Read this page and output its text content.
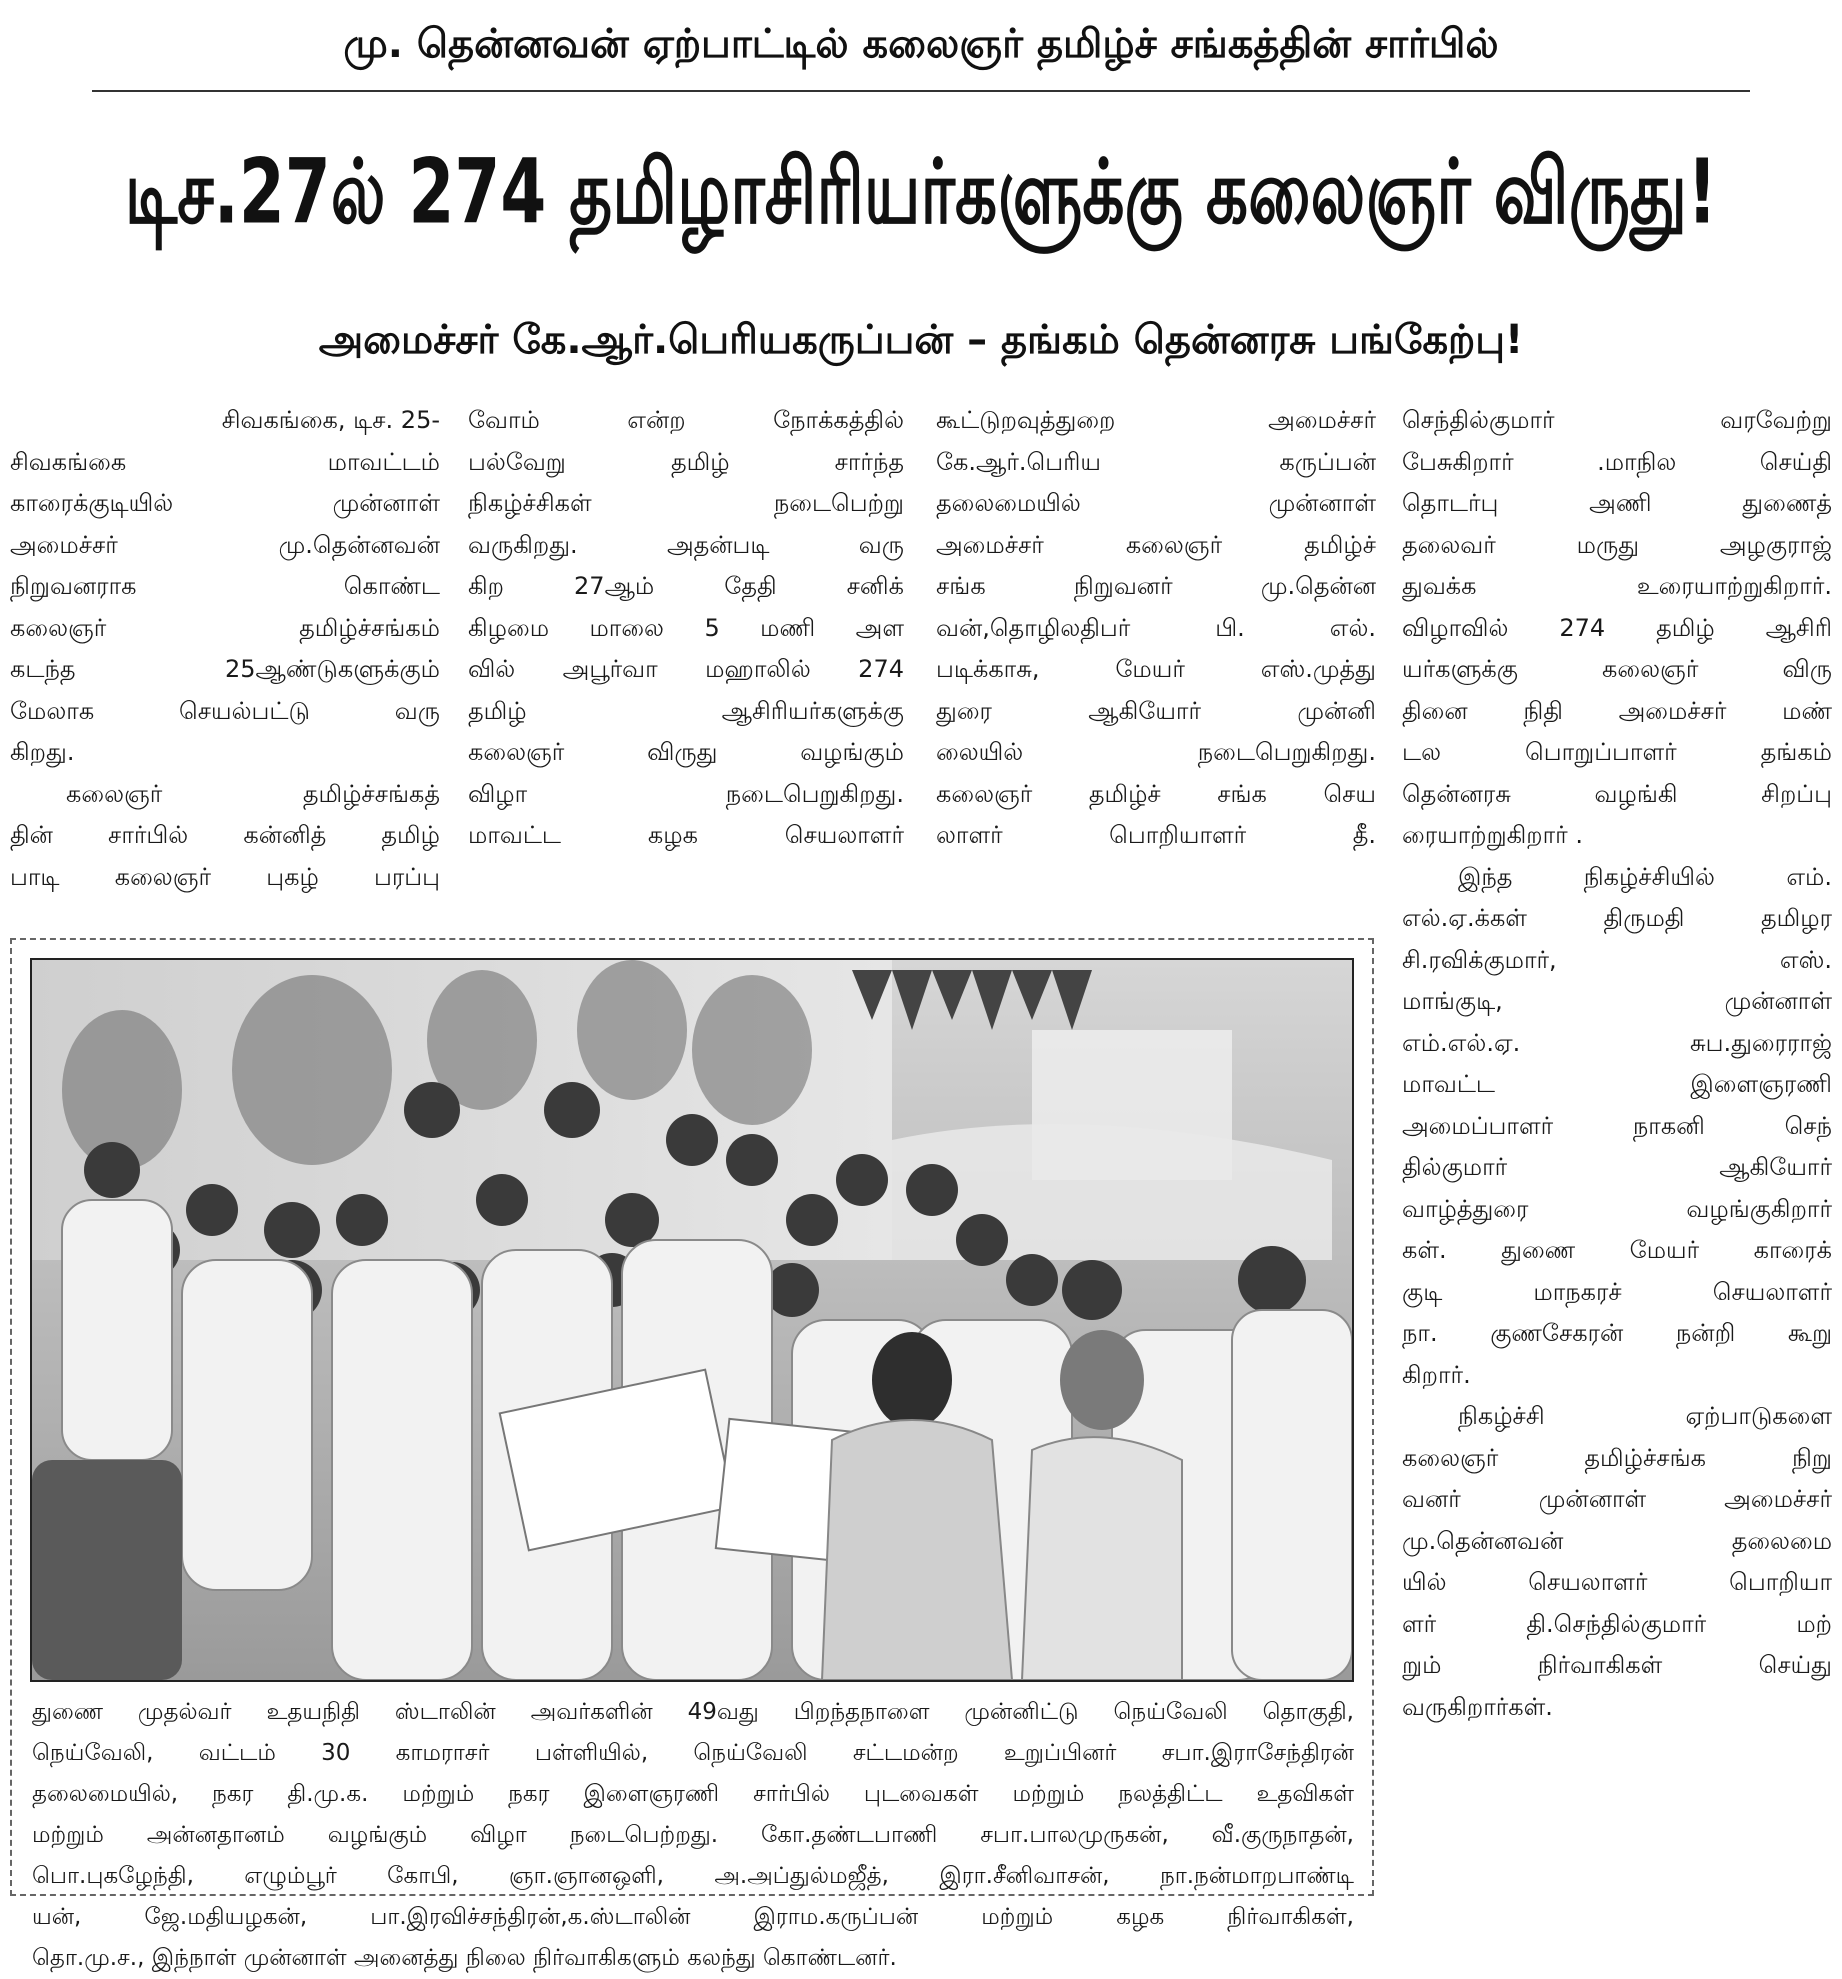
மு. தென்னவன் ஏற்பாட்டில் கலைஞர் தமிழ்ச் சங்கத்தின் சார்பில்
டிச.27ல் 274 தமிழாசிரியர்களுக்கு கலைஞர் விருது!
அமைச்சர் கே.ஆர்.பெரியகருப்பன் – தங்கம் தென்னரசு பங்கேற்பு!

சிவகங்கை, டிச. 25-

சிவகங்கை மாவட்டம்

காரைக்குடியில் முன்னாள்

அமைச்சர் மு.தென்னவன்

நிறுவனராக கொண்ட

கலைஞர் தமிழ்ச்சங்கம்

கடந்த 25ஆண்டுகளுக்கும்

மேலாக செயல்பட்டு வரு

கிறது.

கலைஞர் தமிழ்ச்சங்கத்

தின் சார்பில் கன்னித் தமிழ்

பாடி கலைஞர் புகழ் பரப்பு

வோம் என்ற நோக்கத்தில்

பல்வேறு தமிழ் சார்ந்த

நிகழ்ச்சிகள் நடைபெற்று

வருகிறது. அதன்படி வரு

கிற 27ஆம் தேதி சனிக்

கிழமை மாலை 5 மணி அள

வில் அபூர்வா மஹாலில் 274

தமிழ் ஆசிரியர்களுக்கு

கலைஞர் விருது வழங்கும்

விழா நடைபெறுகிறது.

மாவட்ட கழக செயலாளர்

கூட்டுறவுத்துறை அமைச்சர்

கே.ஆர்.பெரிய கருப்பன்

தலைமையில் முன்னாள்

அமைச்சர் கலைஞர் தமிழ்ச்

சங்க நிறுவனர் மு.தென்ன

வன்,தொழிலதிபர் பி. எல்.

படிக்காசு, மேயர் எஸ்.முத்து

துரை ஆகியோர் முன்னி

லையில் நடைபெறுகிறது.

கலைஞர் தமிழ்ச் சங்க செய

லாளர் பொறியாளர் தீ.

செந்தில்குமார் வரவேற்று

பேசுகிறார் .மாநில செய்தி

தொடர்பு அணி துணைத்

தலைவர் மருது அழகுராஜ்

துவக்க உரையாற்றுகிறார்.

விழாவில் 274 தமிழ் ஆசிரி

யர்களுக்கு கலைஞர் விரு

தினை நிதி அமைச்சர் மண்

டல பொறுப்பாளர் தங்கம்

தென்னரசு வழங்கி சிறப்பு

ரையாற்றுகிறார் .

இந்த நிகழ்ச்சியில் எம்.

எல்.ஏ.க்கள் திருமதி தமிழர

சி.ரவிக்குமார், எஸ்.

மாங்குடி, முன்னாள்

எம்.எல்.ஏ. சுப.துரைராஜ்

மாவட்ட இளைஞரணி

அமைப்பாளர் நாகனி செந்

தில்குமார் ஆகியோர்

வாழ்த்துரை வழங்குகிறார்

கள். துணை மேயர் காரைக்

குடி மாநகரச் செயலாளர்

நா. குணசேகரன் நன்றி கூறு

கிறார்.

நிகழ்ச்சி ஏற்பாடுகளை

கலைஞர் தமிழ்ச்சங்க நிறு

வனர் முன்னாள் அமைச்சர்

மு.தென்னவன் தலைமை

யில் செயலாளர் பொறியா

ளர் தி.செந்தில்குமார் மற்

றும் நிர்வாகிகள் செய்து

வருகிறார்கள்.

துணை முதல்வர் உதயநிதி ஸ்டாலின் அவர்களின் 49வது பிறந்தநாளை முன்னிட்டு நெய்வேலி தொகுதி,

நெய்வேலி, வட்டம் 30 காமராசர் பள்ளியில், நெய்வேலி சட்டமன்ற உறுப்பினர் சபா.இராசேந்திரன்

தலைமையில், நகர தி.மு.க. மற்றும் நகர இளைஞரணி சார்பில் புடவைகள் மற்றும் நலத்திட்ட உதவிகள்

மற்றும் அன்னதானம் வழங்கும் விழா நடைபெற்றது. கோ.தண்டபாணி சபா.பாலமுருகன், வீ.குருநாதன்,

பொ.புகழேந்தி, எழும்பூர் கோபி, ஞா.ஞானஒளி, அ.அப்துல்மஜீத், இரா.சீனிவாசன், நா.நன்மாறபாண்டி

யன், ஜே.மதியழகன், பா.இரவிச்சந்திரன்,க.ஸ்டாலின் இராம.கருப்பன் மற்றும் கழக நிர்வாகிகள்,

தொ.மு.ச., இந்நாள் முன்னாள் அனைத்து நிலை நிர்வாகிகளும் கலந்து கொண்டனர்.
